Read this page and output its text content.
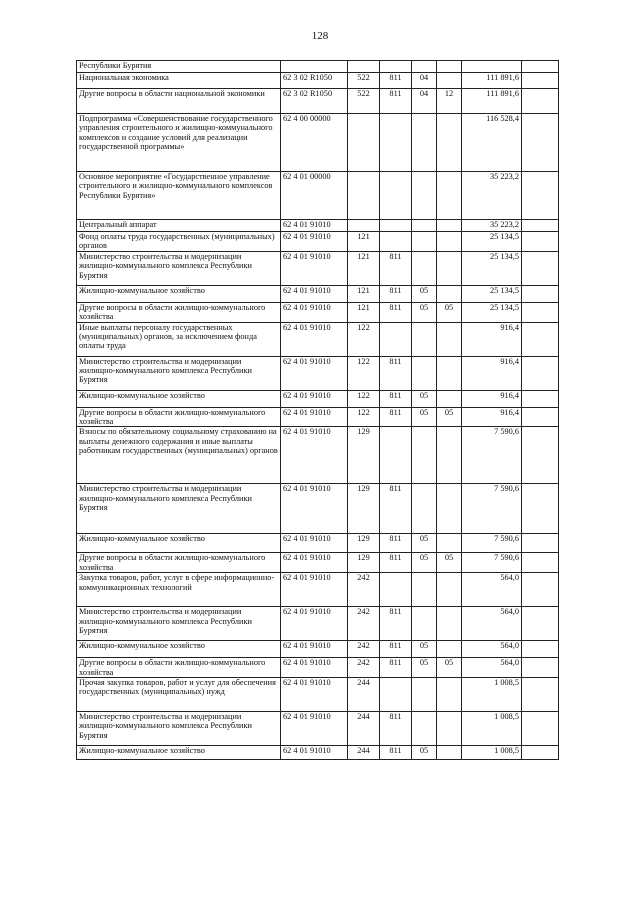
128
Республики Бурятия							
Национальная экономика	62 3 02 R1050	522	811	04		111 891,6	
Другие вопросы в области национальной экономики	62 3 02 R1050	522	811	04	12	111 891,6	
Подпрограмма «Совершенствование государственного управления строительного и жилищно-коммунального комплексов и создание условий для реализации государственной программы»	62 4 00 00000					116 528,4	
Основное мероприятие «Государственное управление строительного и жилищно-коммунального комплексов Республики Бурятия»	62 4 01 00000					35 223,2	
Центральный аппарат	62 4 01 91010					35 223,2	
Фонд оплаты труда государственных (муниципальных) органов	62 4 01 91010	121				25 134,5	
Министерство строительства и модернизации жилищно-коммунального комплекса Республики Бурятия	62 4 01 91010	121	811			25 134,5	
Жилищно-коммунальное хозяйство	62 4 01 91010	121	811	05		25 134,5	
Другие вопросы в области жилищно-коммунального хозяйства	62 4 01 91010	121	811	05	05	25 134,5	
Иные выплаты персоналу государственных (муниципальных) органов, за исключением фонда оплаты труда	62 4 01 91010	122				916,4	
Министерство строительства и модернизации жилищно-коммунального комплекса Республики Бурятия	62 4 01 91010	122	811			916,4	
Жилищно-коммунальное хозяйство	62 4 01 91010	122	811	05		916,4	
Другие вопросы в области жилищно-коммунального хозяйства	62 4 01 91010	122	811	05	05	916,4	
Взносы по обязательному социальному страхованию на выплаты денежного содержания и иные выплаты работникам государственных (муниципальных) органов	62 4 01 91010	129				7 590,6	
Министерство строительства и модернизации жилищно-коммунального комплекса Республики Бурятия	62 4 01 91010	129	811			7 590,6	
Жилищно-коммунальное хозяйство	62 4 01 91010	129	811	05		7 590,6	
Другие вопросы в области жилищно-коммунального хозяйства	62 4 01 91010	129	811	05	05	7 590,6	
Закупка товаров, работ, услуг в сфере информационно-коммуникационных технологий	62 4 01 91010	242				564,0	
Министерство строительства и модернизации жилищно-коммунального комплекса Республики Бурятия	62 4 01 91010	242	811			564,0	
Жилищно-коммунальное хозяйство	62 4 01 91010	242	811	05		564,0	
Другие вопросы в области жилищно-коммунального хозяйства	62 4 01 91010	242	811	05	05	564,0	
Прочая закупка товаров, работ и услуг для обеспечения государственных (муниципальных) нужд	62 4 01 91010	244				1 008,5	
Министерство строительства и модернизации жилищно-коммунального комплекса Республики Бурятия	62 4 01 91010	244	811			1 008,5	
Жилищно-коммунальное хозяйство	62 4 01 91010	244	811	05		1 008,5	
